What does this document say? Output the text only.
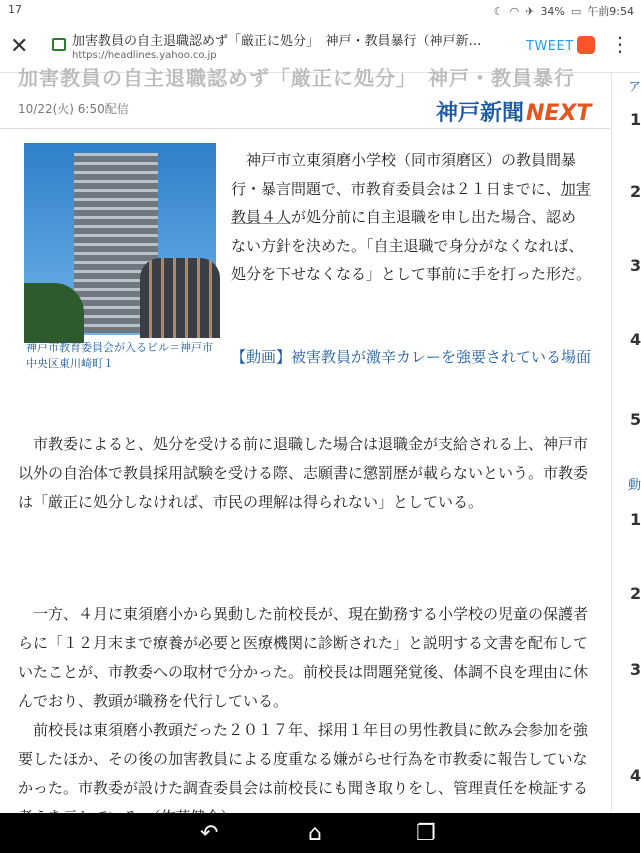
17	☾ ◠ ✈ 34% ▭ 午前9:54
✕	加害教員の自主退職認めず「厳正に処分」　神戸・教員暴行（神戸新…
https://headlines.yahoo.co.jp
TWEET ⋮
加害教員の自主退職認めず「厳正に処分」　神戸・教員暴行
10/22(火) 6:50配信	神戸新聞NEXT
神戸市教育委員会が入るビル＝神戸市中央区東川崎町１
　神戸市立東須磨小学校（同市須磨区）の教員間暴行・暴言問題で、市教育委員会は２１日までに、加害教員４人が処分前に自主退職を申し出た場合、認めない方針を決めた。「自主退職で身分がなくなれば、処分を下せなくなる」として事前に手を打った形だ。
【動画】被害教員が激辛カレーを強要されている場面
　市教委によると、処分を受ける前に退職した場合は退職金が支給される上、神戸市以外の自治体で教員採用試験を受ける際、志願書に懲罰歴が載らないという。市教委は「厳正に処分しなければ、市民の理解は得られない」としている。
　一方、４月に東須磨小から異動した前校長が、現在勤務する小学校の児童の保護者らに「１２月末まで療養が必要と医療機関に診断された」と説明する文書を配布していたことが、市教委への取材で分かった。前校長は問題発覚後、体調不良を理由に休んでおり、教頭が職務を代行している。
　前校長は東須磨小教頭だった２０１７年、採用１年目の男性教員に飲み会参加を強要したほか、その後の加害教員による度重なる嫌がらせ行為を市教委に報告していなかった。市教委が設けた調査委員会は前校長にも聞き取りをし、管理責任を検証する
ア
1
2
3
4
5
動
1
2
3
4
↶	⌂	❐
